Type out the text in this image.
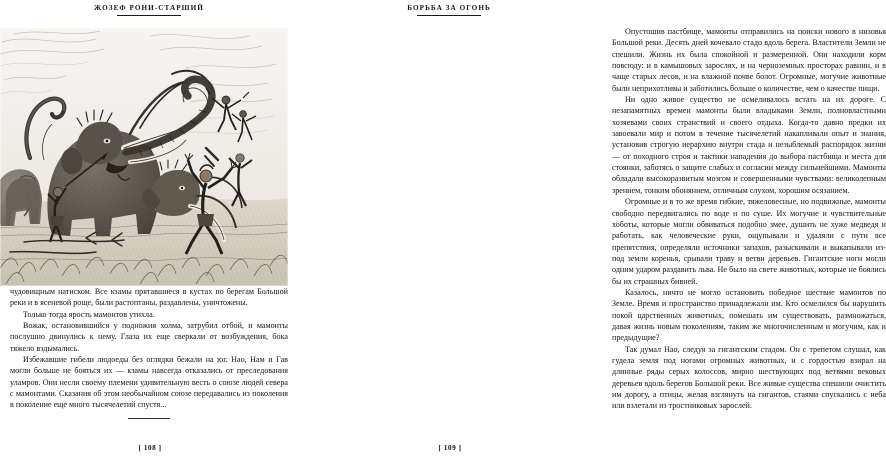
ЖОЗЕФ РОНИ-СТАРШИЙ

чудовищным натиском. Все кзамы прятавшиеся в кустах по берегам Большой реки и в ясеневой роще, были растоптаны, раздавлены, уничтожены.

Только тогда ярость мамонтов утихла.

Вожак, остановившийся у подножия холма, затрубил отбой, и мамонты послушно двинулись к нему. Глаза их еще сверкали от возбуждения, бока тяжело вздымались.

Избежавшие гибели людоеды без оглядки бежали на юг. Нао, Нам и Гав могли больше не бояться их — кзамы навсегда отказались от преследования уламров. Они несли своему племени удивительную весть о союзе людей севера с мамонтами. Сказания об этом необычайном союзе передавались из поколения в поколение еще много тысячелетий спустя...

[ 108 ]
БОРЬБА ЗА ОГОНЬ

Опустошив пастбище, мамонты отправились на поиски нового в низовья Большой реки. Десять дней кочевало стадо вдоль берега. Властители Земли не спешили. Жизнь их была спокойной и размеренной. Они находили корм повсюду: и в камышовых зарослях, и на черноземных просторах равнин, и в чаще старых лесов, и на влажной почве болот. Огромные, могучие животные были неприхотливы и заботились больше о количестве, чем о качестве пищи.

Ни одно живое существо не осмеливалось встать на их дороге. С незапамятных времен мамонты были владыками Земли, полновластными хозяевами своих странствий и своего отдыха. Когда-то давно предки их завоевали мир и потом в течение тысячелетий накапливали опыт и знания, установив строгую иерархию внутри стада и незыблемый распорядок жизни — от походного строя и тактики нападения до выбора пастбища и места для стоянки, заботясь о защите слабых и согласии между сильнейшими. Мамонты обладали высокоразвитым мозгом и совершенными чувствами: великолепным зрением, тонким обонянием, отличным слухом, хорошим осязанием.

Огромные и в то же время гибкие, тяжеловесные, но подвижные, мамонты свободно передвигались по воде и по суше. Их могучие и чувствительные хоботы, которые могли обвиваться подобно змее, душить не хуже медведя и работать, как человеческие руки, ощупывали и удаляли с пути все препятствия, определяли источники запахов, разыскивали и выкапывали из-под земли коренья, срывали траву и ветви деревьев. Гигантские ноги могли одним ударом раздавить льва. Не было на свете животных, которые не боялись бы их страшных бивней.

Казалось, ничто не могло остановить победное шествие мамонтов по Земле. Время и пространство принадлежали им. Кто осмелился бы нарушить покой царственных животных, помешать им существовать, размножаться, давая жизнь новым поколениям, таким же многочисленным и могучим, как и предыдущие?

Так думал Нао, следуя за гигантским стадом. Он с трепетом слушал, как гудела земля под ногами огромных животных, и с гордостью взирал на длинные ряды серых колоссов, мирно шествующих под ветвями вековых деревьев вдоль берегов Большой реки. Все живые существа спешили очистить им дорогу, а птицы, желая взглянуть на гигантов, стаями спускались с неба или взлетали из тростниковых зарослей.

[ 109 ]
